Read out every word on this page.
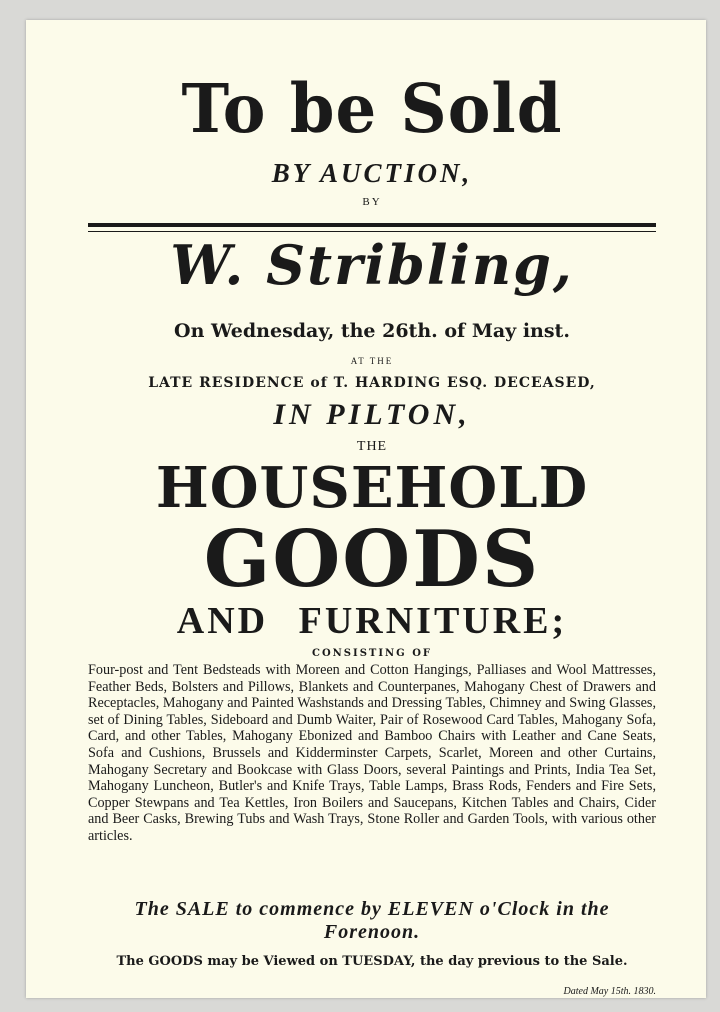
To be Sold
BY AUCTION,
BY
W. Stribling,
On Wednesday, the 26th. of May inst.
AT THE
LATE RESIDENCE of T. HARDING ESQ. DECEASED,
IN PILTON,
THE
HOUSEHOLD
GOODS
AND FURNITURE;
CONSISTING OF
Four-post and Tent Bedsteads with Moreen and Cotton Hangings, Palliases and Wool Mattresses, Feather Beds, Bolsters and Pillows, Blankets and Counterpanes, Mahogany Chest of Drawers and Receptacles, Mahogany and Painted Washstands and Dressing Tables, Chimney and Swing Glasses, set of Dining Tables, Sideboard and Dumb Waiter, Pair of Rosewood Card Tables, Mahogany Sofa, Card, and other Tables, Mahogany Ebonized and Bamboo Chairs with Leather and Cane Seats, Sofa and Cushions, Brussels and Kidderminster Carpets, Scarlet, Moreen and other Curtains, Mahogany Secretary and Bookcase with Glass Doors, several Paintings and Prints, India Tea Set, Mahogany Luncheon, Butler's and Knife Trays, Table Lamps, Brass Rods, Fenders and Fire Sets, Copper Stewpans and Tea Kettles, Iron Boilers and Saucepans, Kitchen Tables and Chairs, Cider and Beer Casks, Brewing Tubs and Wash Trays, Stone Roller and Garden Tools, with various other articles.
The SALE to commence by ELEVEN o'Clock in the Forenoon.
The GOODS may be Viewed on TUESDAY, the day previous to the Sale.
Dated May 15th. 1830.
